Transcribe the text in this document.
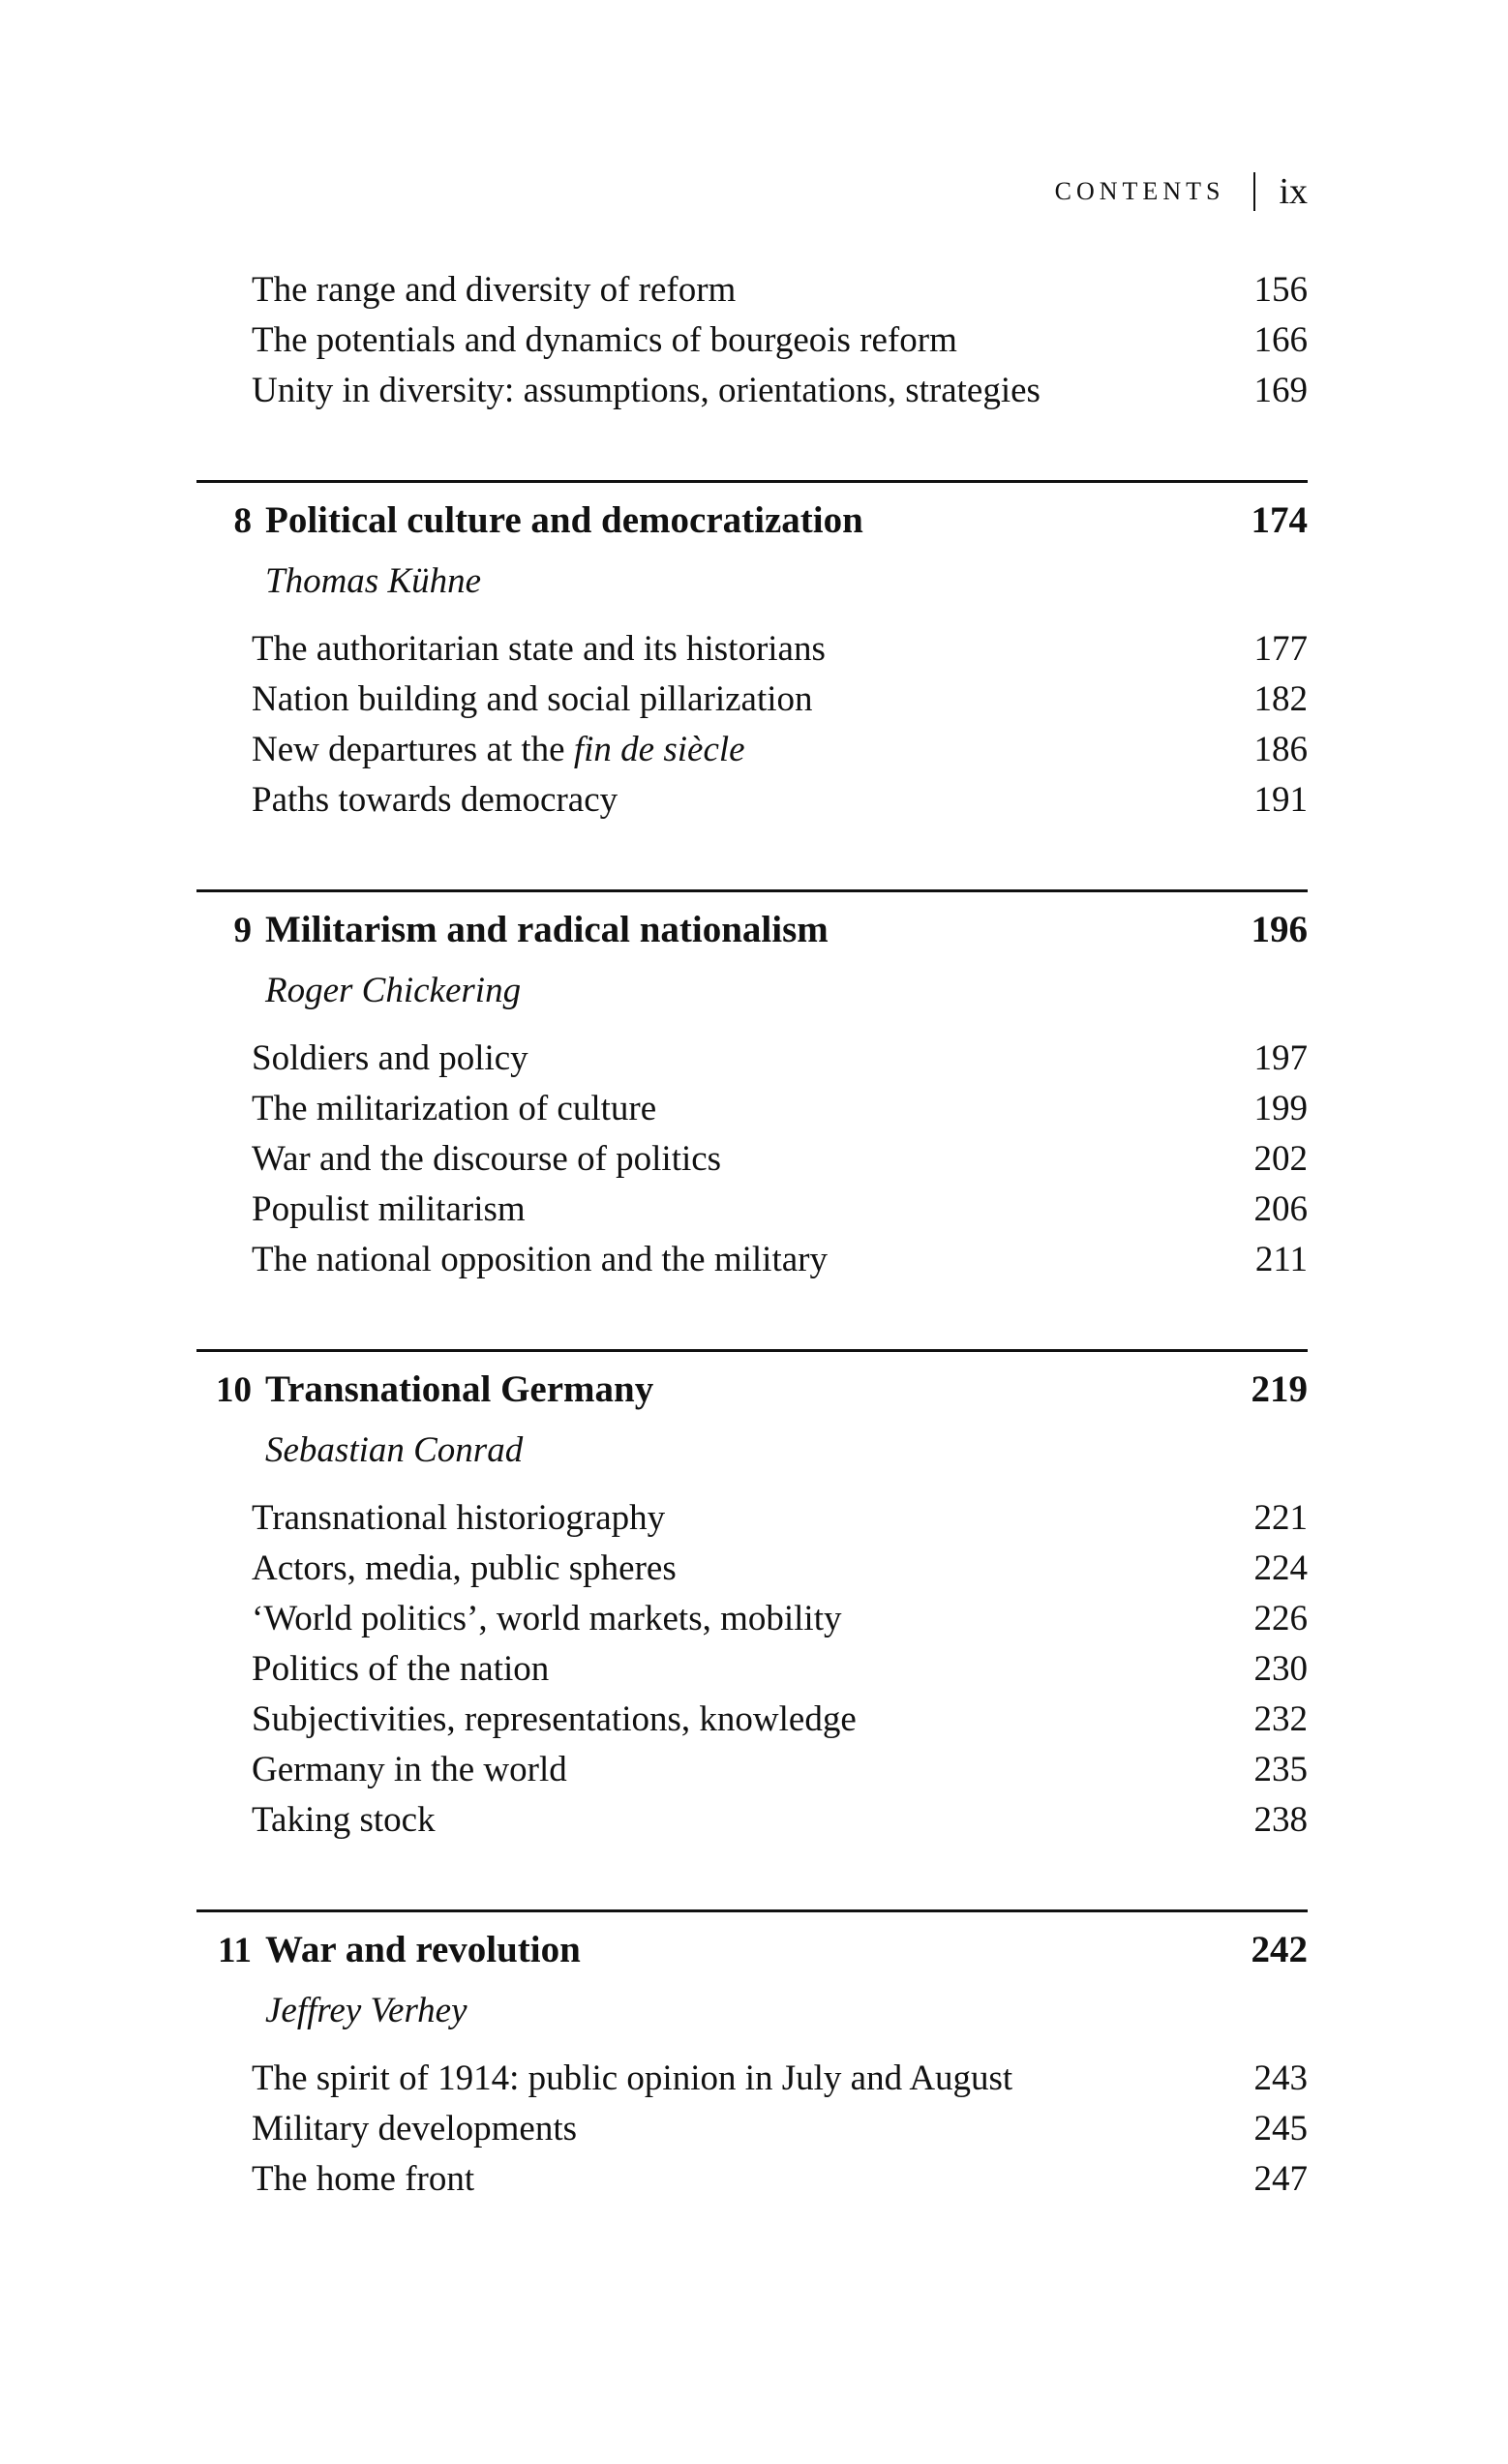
CONTENTS ix
The range and diversity of reform	156
The potentials and dynamics of bourgeois reform	166
Unity in diversity: assumptions, orientations, strategies	169
8 Political culture and democratization	174
Thomas Kühne
The authoritarian state and its historians	177
Nation building and social pillarization	182
New departures at the fin de siècle	186
Paths towards democracy	191
9 Militarism and radical nationalism	196
Roger Chickering
Soldiers and policy	197
The militarization of culture	199
War and the discourse of politics	202
Populist militarism	206
The national opposition and the military	211
10 Transnational Germany	219
Sebastian Conrad
Transnational historiography	221
Actors, media, public spheres	224
‘World politics’, world markets, mobility	226
Politics of the nation	230
Subjectivities, representations, knowledge	232
Germany in the world	235
Taking stock	238
11 War and revolution	242
Jeffrey Verhey
The spirit of 1914: public opinion in July and August	243
Military developments	245
The home front	247
